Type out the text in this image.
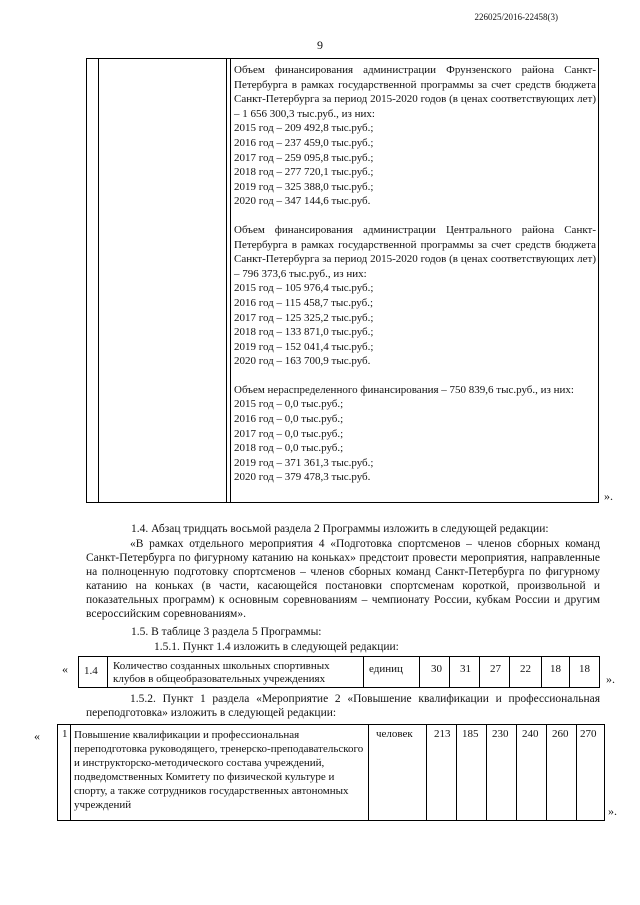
226025/2016-22458(3)
9

Объем финансирования администрации Фрунзенского района Санкт-Петербурга в рамках государственной программы за счет средств бюджета Санкт-Петербурга за период 2015-2020 годов (в ценах соответствующих лет) – 1 656 300,3 тыс.руб., из них:

2015 год – 209 492,8 тыс.руб.;
2016 год – 237 459,0 тыс.руб.;
2017 год – 259 095,8 тыс.руб.;
2018 год – 277 720,1 тыс.руб.;
2019 год – 325 388,0 тыс.руб.;
2020 год – 347 144,6 тыс.руб.

Объем финансирования администрации Центрального района Санкт-Петербурга в рамках государственной программы за счет средств бюджета Санкт-Петербурга за период 2015-2020 годов (в ценах соответствующих лет) – 796 373,6 тыс.руб., из них:

2015 год – 105 976,4 тыс.руб.;
2016 год – 115 458,7 тыс.руб.;
2017 год – 125 325,2 тыс.руб.;
2018 год – 133 871,0 тыс.руб.;
2019 год – 152 041,4 тыс.руб.;
2020 год – 163 700,9 тыс.руб.

Объем нераспределенного финансирования – 750 839,6 тыс.руб., из них:

2015 год – 0,0 тыс.руб.;
2016 год – 0,0 тыс.руб.;
2017 год – 0,0 тыс.руб.;
2018 год – 0,0 тыс.руб.;
2019 год – 371 361,3 тыс.руб.;
2020 год – 379 478,3 тыс.руб.
».
1.4. Абзац тридцать восьмой раздела 2 Программы изложить в следующей редакции:
«В рамках отдельного мероприятия 4 «Подготовка спортсменов – членов сборных команд Санкт-Петербурга по фигурному катанию на коньках» предстоит провести мероприятия, направленные на полноценную подготовку спортсменов – членов сборных команд Санкт-Петербурга по фигурному катанию на коньках (в части, касающейся постановки спортсменам короткой, произвольной и показательных программ) к основным соревнованиям – чемпионату России, кубкам России и другим всероссийским соревнованиям».
1.5. В таблице 3 раздела 5 Программы:
1.5.1. Пункт 1.4 изложить в следующей редакции:
« 1.4 Количество созданных школьных спортивных клубов в общеобразовательных учреждениях
единиц	30 31 27 22 18 18
».
1.5.2. Пункт 1 раздела «Мероприятие 2 «Повышение квалификации и профессиональная переподготовка» изложить в следующей редакции:
« 1 Повышение квалификации и профессиональная переподготовка руководящего, тренерско-преподавательского и инструкторско-методического состава учреждений, подведомственных Комитету по физической культуре и спорту, а также сотрудников государственных автономных учреждений
человек 213 185 230 240 260 270
».
